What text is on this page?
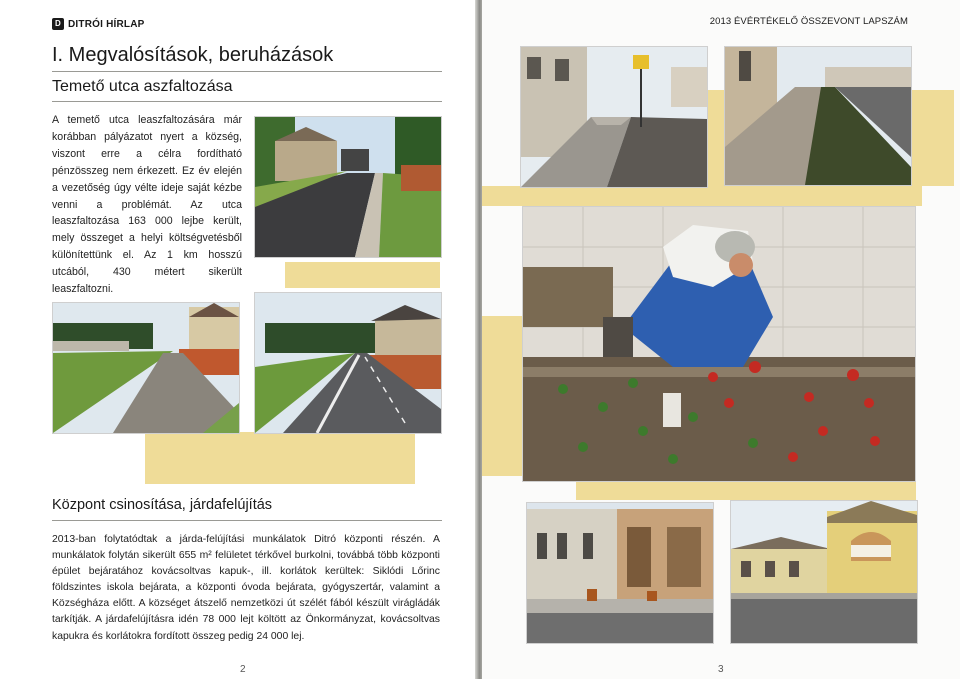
D DITRÓI HÍRLAP
I. Megvalósítások, beruházások
Temető utca aszfaltozása
A temető utca leaszfaltozására már korábban pályázatot nyert a község, viszont erre a célra fordítható pénzösszeg nem érkezett. Ez év elején a vezetőség úgy vélte ideje saját kézbe venni a problémát. Az utca leaszfaltozása 163 000 lejbe került, mely összeget a helyi költségvetésből különítettünk el. Az 1 km hosszú utcából, 430 métert sikerült leaszfaltozni.
Központ csinosítása, járdafelújítás
2013-ban folytatódtak a járda-felújítási munkálatok Ditró központi részén. A munkálatok folytán sikerült 655 m² felületet térkővel burkolni, továbbá több központi épület bejáratához kovácsoltvas kapuk-, ill. korlátok kerültek: Siklódi Lőrinc földszintes iskola bejárata, a központi óvoda bejárata, gyógyszertár, valamint a Községháza előtt. A községet átszelő nemzetközi út szélét fából készült virágládák tarkítják. A járdafelújításra idén 78 000 lejt költött az Önkormányzat, kovácsoltvas kapukra és korlátokra fordított összeg pedig 24 000 lej.
2
2013 ÉVÉRTÉKELŐ ÖSSZEVONT LAPSZÁM
3
